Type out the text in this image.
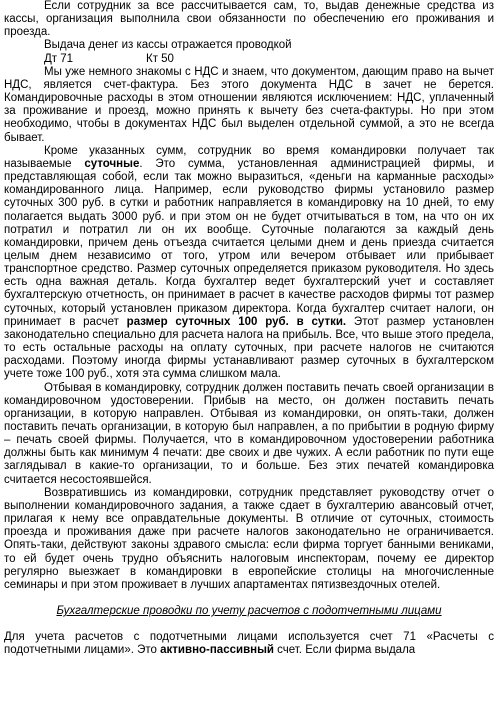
Если сотрудник за все рассчитывается сам, то, выдав денежные средства из кассы, организация выполнила свои обязанности по обеспечению его проживания и проезда.

Выдача денег из кассы отражается проводкой

Дт 71	Кт 50

Мы уже немного знакомы с НДС и знаем, что документом, дающим право на вычет НДС, является счет-фактура. Без этого документа НДС в зачет не берется. Командировочные расходы в этом отношении являются исключением: НДС, уплаченный за проживание и проезд, можно принять к вычету без счета-фактуры. Но при этом необходимо, чтобы в документах НДС был выделен отдельной суммой, а это не всегда бывает.

Кроме указанных сумм, сотрудник во время командировки получает так называемые суточные. Это сумма, установленная администрацией фирмы, и представляющая собой, если так можно выразиться, «деньги на карманные расходы» командированного лица. Например, если руководство фирмы установило размер суточных 300 руб. в сутки и работник направляется в командировку на 10 дней, то ему полагается выдать 3000 руб. и при этом он не будет отчитываться в том, на что он их потратил и потратил ли он их вообще. Суточные полагаются за каждый день командировки, причем день отъезда считается целыми днем и день приезда считается целым днем независимо от того, утром или вечером отбывает или прибывает транспортное средство. Размер суточных определяется приказом руководителя. Но здесь есть одна важная деталь. Когда бухгалтер ведет бухгалтерский учет и составляет бухгалтерскую отчетность, он принимает в расчет в качестве расходов фирмы тот размер суточных, который установлен приказом директора. Когда бухгалтер считает налоги, он принимает в расчет размер суточных 100 руб. в сутки. Этот размер установлен законодательно специально для расчета налога на прибыль. Все, что выше этого предела, то есть остальные расходы на оплату суточных, при расчете налогов не считаются расходами. Поэтому иногда фирмы устанавливают размер суточных в бухгалтерском учете тоже 100 руб., хотя эта сумма слишком мала.

Отбывая в командировку, сотрудник должен поставить печать своей организации в командировочном удостоверении. Прибыв на место, он должен поставить печать организации, в которую направлен. Отбывая из командировки, он опять-таки, должен поставить печать организации, в которую был направлен, а по прибытии в родную фирму – печать своей фирмы. Получается, что в командировочном удостоверении работника должны быть как минимум 4 печати: две своих и две чужих. А если работник по пути еще заглядывал в какие-то организации, то и больше. Без этих печатей командировка считается несостоявшейся.

Возвратившись из командировки, сотрудник представляет руководству отчет о выполнении командировочного задания, а также сдает в бухгалтерию авансовый отчет, прилагая к нему все оправдательные документы. В отличие от суточных, стоимость проезда и проживания даже при расчете налогов законодательно не ограничивается. Опять-таки, действуют законы здравого смысла: если фирма торгует банными вениками, то ей будет очень трудно объяснить налоговым инспекторам, почему ее директор регулярно выезжает в командировки в европейские столицы на многочисленные семинары и при этом проживает в лучших апартаментах пятизвездочных отелей.

Бухгалтерские проводки по учету расчетов с подотчетными лицами

Для учета расчетов с подотчетными лицами используется счет 71 «Расчеты с подотчетными лицами». Это активно-пассивный счет. Если фирма выдала
